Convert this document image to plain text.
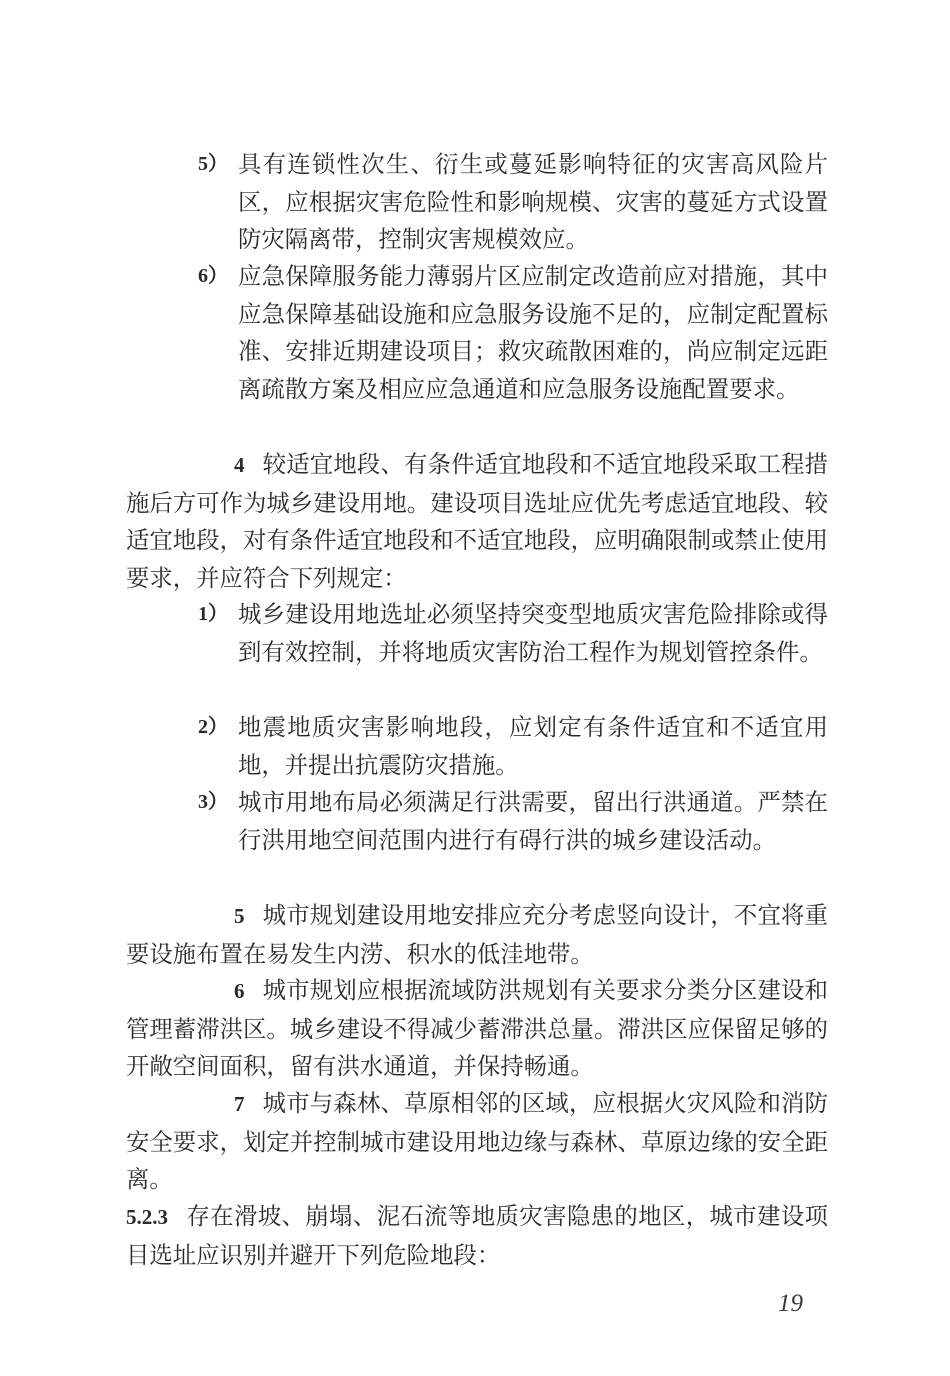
5） 具有连锁性次生、衍生或蔓延影响特征的灾害高风险片区，应根据灾害危险性和影响规模、灾害的蔓延方式设置防灾隔离带，控制灾害规模效应。
6） 应急保障服务能力薄弱片区应制定改造前应对措施，其中应急保障基础设施和应急服务设施不足的，应制定配置标准、安排近期建设项目；救灾疏散困难的，尚应制定远距离疏散方案及相应应急通道和应急服务设施配置要求。
4 较适宜地段、有条件适宜地段和不适宜地段采取工程措施后方可作为城乡建设用地。建设项目选址应优先考虑适宜地段、较适宜地段，对有条件适宜地段和不适宜地段，应明确限制或禁止使用要求，并应符合下列规定：
1） 城乡建设用地选址必须坚持突变型地质灾害危险排除或得到有效控制，并将地质灾害防治工程作为规划管控条件。
2） 地震地质灾害影响地段，应划定有条件适宜和不适宜用地，并提出抗震防灾措施。
3） 城市用地布局必须满足行洪需要，留出行洪通道。严禁在行洪用地空间范围内进行有碍行洪的城乡建设活动。
5 城市规划建设用地安排应充分考虑竖向设计，不宜将重要设施布置在易发生内涝、积水的低洼地带。
6 城市规划应根据流域防洪规划有关要求分类分区建设和管理蓄滞洪区。城乡建设不得减少蓄滞洪总量。滞洪区应保留足够的开敞空间面积，留有洪水通道，并保持畅通。
7 城市与森林、草原相邻的区域，应根据火灾风险和消防安全要求，划定并控制城市建设用地边缘与森林、草原边缘的安全距离。
5.2.3 存在滑坡、崩塌、泥石流等地质灾害隐患的地区，城市建设项目选址应识别并避开下列危险地段：
19
